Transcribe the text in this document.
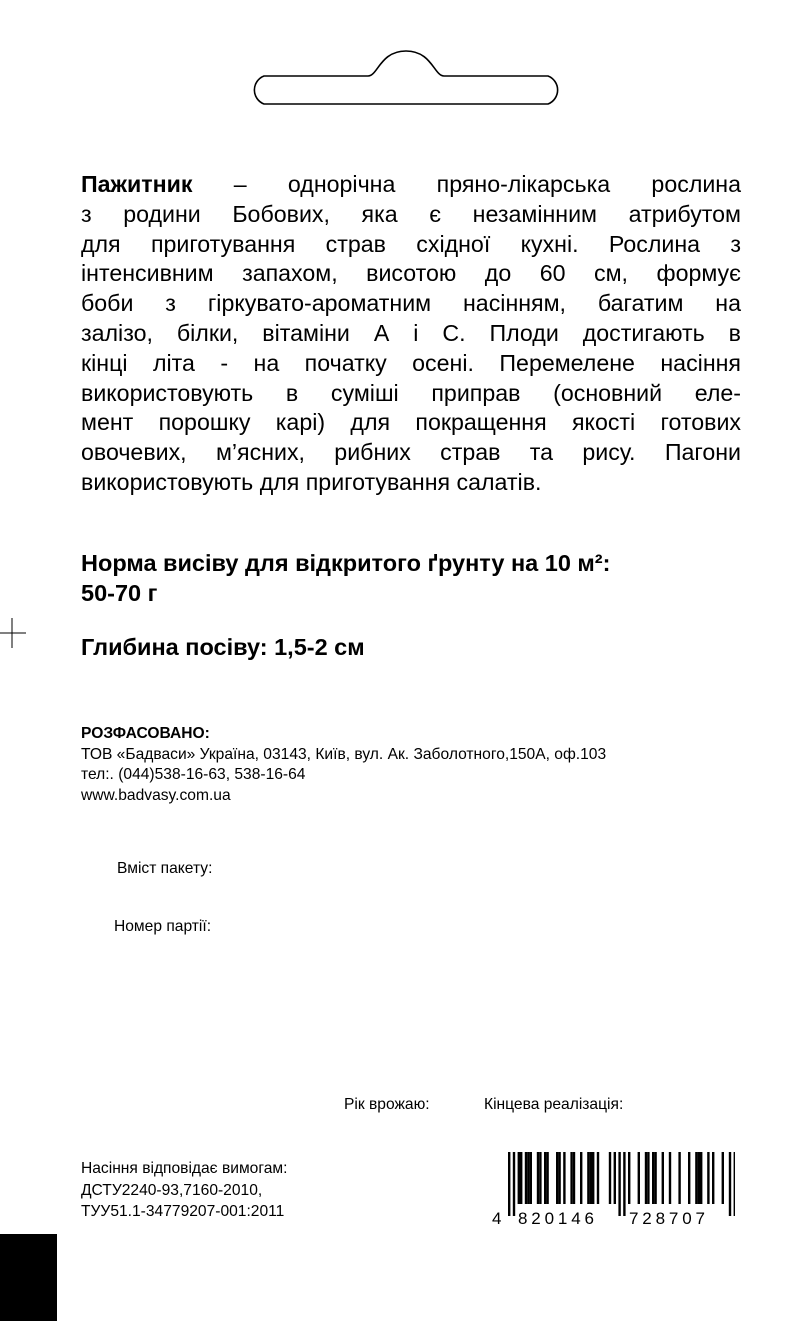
Пажитник – однорічна пряно-лікарська рослина
з родини Бобових, яка є незамінним атрибутом
для приготування страв східної кухні. Рослина з
інтенсивним запахом, висотою до 60 см, формує
боби з гіркувато-ароматним насінням, багатим на
залізо, білки, вітаміни А і С. Плоди достигають в
кінці літа - на початку осені. Перемелене насіння
використовують в суміші приправ (основний еле-
мент порошку карі) для покращення якості готових
овочевих, м’ясних, рибних страв та рису. Пагони
використовують для приготування салатів.
Норма висіву для відкритого ґрунту на 10 м²:
50-70 г
Глибина посіву: 1,5-2 см
РОЗФАСОВАНО:
ТОВ «Бадваси» Українa, 03143, Київ, вул. Ак. Заболотного,150А, оф.103
тел:. (044)538-16-63, 538-16-64
www.badvasy.com.ua
Вміст пакету:
Номер партії:
Рік врожаю:	Кінцева реалізація:
Насіння відповідає вимогам:
ДСТУ2240-93,7160-2010,
ТУУ51.1-34779207-001:2011	4 820146 728707
